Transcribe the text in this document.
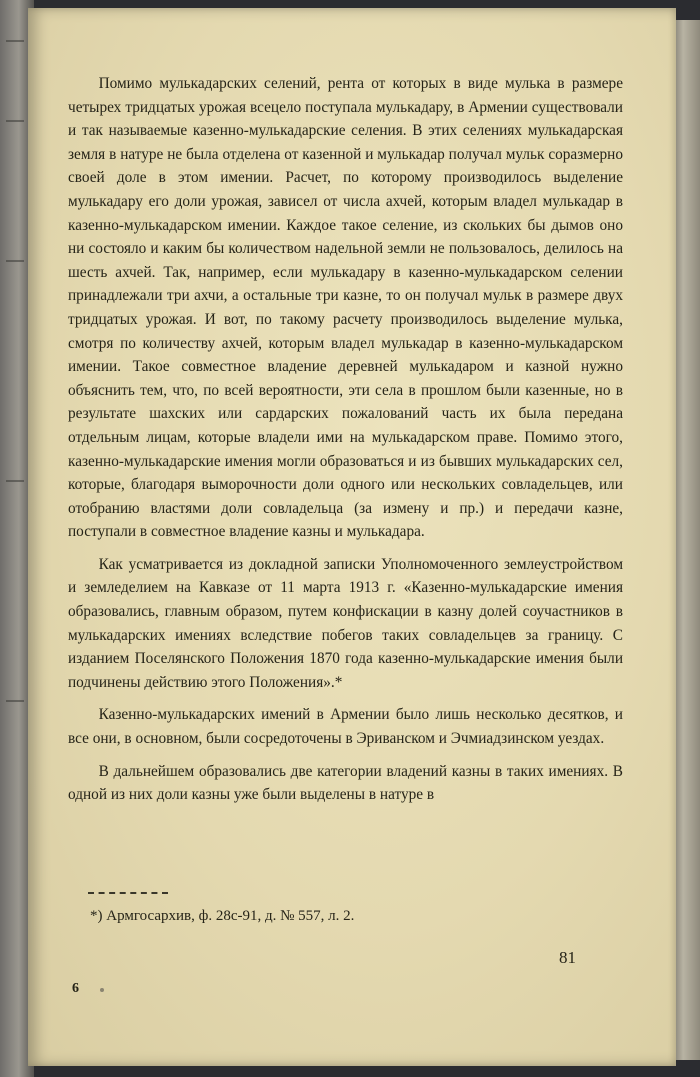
Помимо мулькадарских селений, рента от которых в виде мулька в размере четырех тридцатых урожая всецело поступала мулькадару, в Армении существовали и так называемые казенно-мулькадарские селения. В этих селениях мулькадарская земля в натуре не была отделена от казенной и мулькадар получал мульк соразмерно своей доле в этом имении. Расчет, по которому производилось выделение мулькадару его доли урожая, зависел от числа ахчей, которым владел мулькадар в казенно-мулькадарском имении. Каждое такое селение, из скольких бы дымов оно ни состояло и каким бы количеством надельной земли не пользовалось, делилось на шесть ахчей. Так, например, если мулькадару в казенно-мулькадарском селении принадлежали три ахчи, а остальные три казне, то он получал мульк в размере двух тридцатых урожая. И вот, по такому расчету производилось выделение мулька, смотря по количеству ахчей, которым владел мулькадар в казенно-мулькадарском имении. Такое совместное владение деревней мулькадаром и казной нужно объяснить тем, что, по всей вероятности, эти села в прошлом были казенные, но в результате шахских или сардарских пожалований часть их была передана отдельным лицам, которые владели ими на мулькадарском праве. Помимо этого, казенно-мулькадарские имения могли образоваться и из бывших мулькадарских сел, которые, благодаря выморочности доли одного или нескольких совладельцев, или отобранию властями доли совладельца (за измену и пр.) и передачи казне, поступали в совместное владение казны и мулькадара.

Как усматривается из докладной записки Уполномоченного землеустройством и земледелием на Кавказе от 11 марта 1913 г. «Казенно-мулькадарские имения образовались, главным образом, путем конфискации в казну долей соучастников в мулькадарских имениях вследствие побегов таких совладельцев за границу. С изданием Поселянского Положения 1870 года казенно-мулькадарские имения были подчинены действию этого Положения».*

Казенно-мулькадарских имений в Армении было лишь несколько десятков, и все они, в основном, были сосредоточены в Эриванском и Эчмиадзинском уездах.

В дальнейшем образовались две категории владений казны в таких имениях. В одной из них доли казны уже были выделены в натуре в

*) Армгосархив, ф. 28с-91, д. № 557, л. 2.
81
6
